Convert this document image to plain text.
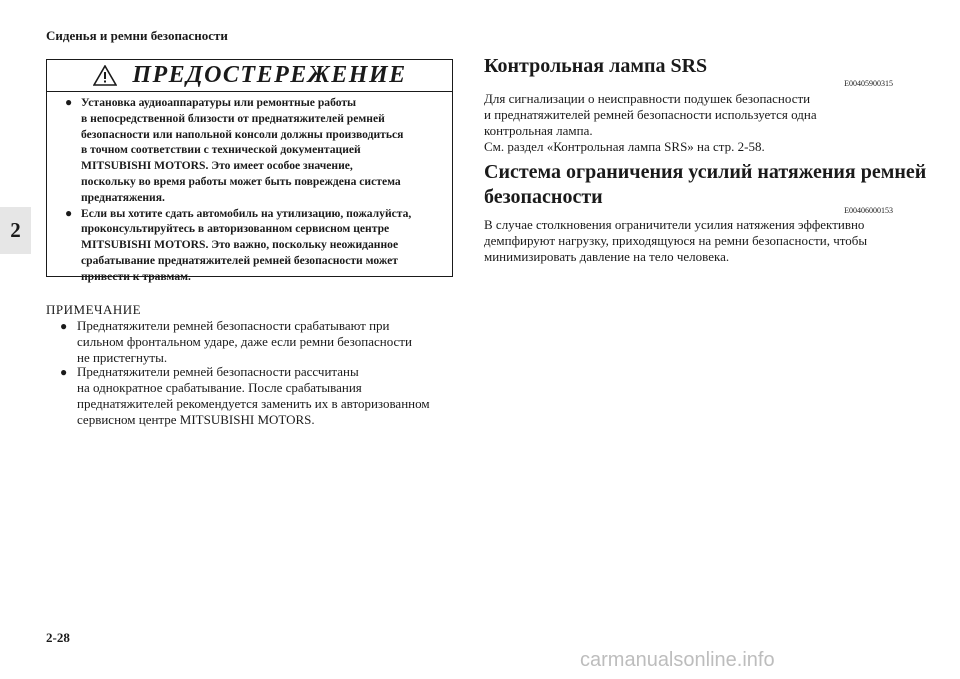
Сиденья и ремни безопасности
2
2-28
ПРЕДОСТЕРЕЖЕНИЕ
● Установка аудиоаппаратуры или ремонтные работы
в непосредственной близости от преднатяжителей ремней
безопасности или напольной консоли должны производиться
в точном соответствии с технической документацией
MITSUBISHI MOTORS. Это имеет особое значение,
поскольку во время работы может быть повреждена система
преднатяжения.
● Если вы хотите сдать автомобиль на утилизацию, пожалуйста,
проконсультируйтесь в авторизованном сервисном центре
MITSUBISHI MOTORS. Это важно, поскольку неожиданное
срабатывание преднатяжителей ремней безопасности может
привести к травмам.
ПРИМЕЧАНИЕ
● Преднатяжители ремней безопасности срабатывают при
сильном фронтальном ударе, даже если ремни безопасности
не пристегнуты.
● Преднатяжители ремней безопасности рассчитаны
на однократное срабатывание. После срабатывания
преднатяжителей рекомендуется заменить их в авторизованном
сервисном центре MITSUBISHI MOTORS.
Контрольная лампа SRS
E00405900315
Для сигнализации о неисправности подушек безопасности
и преднатяжителей ремней безопасности используется одна
контрольная лампа.
См. раздел «Контрольная лампа SRS» на стр. 2-58.
Система ограничения усилий натяжения ремней
безопасности
E00406000153
В случае столкновения ограничители усилия натяжения эффективно
демпфируют нагрузку, приходящуюся на ремни безопасности, чтобы
минимизировать давление на тело человека.
carmanualsonline.info
